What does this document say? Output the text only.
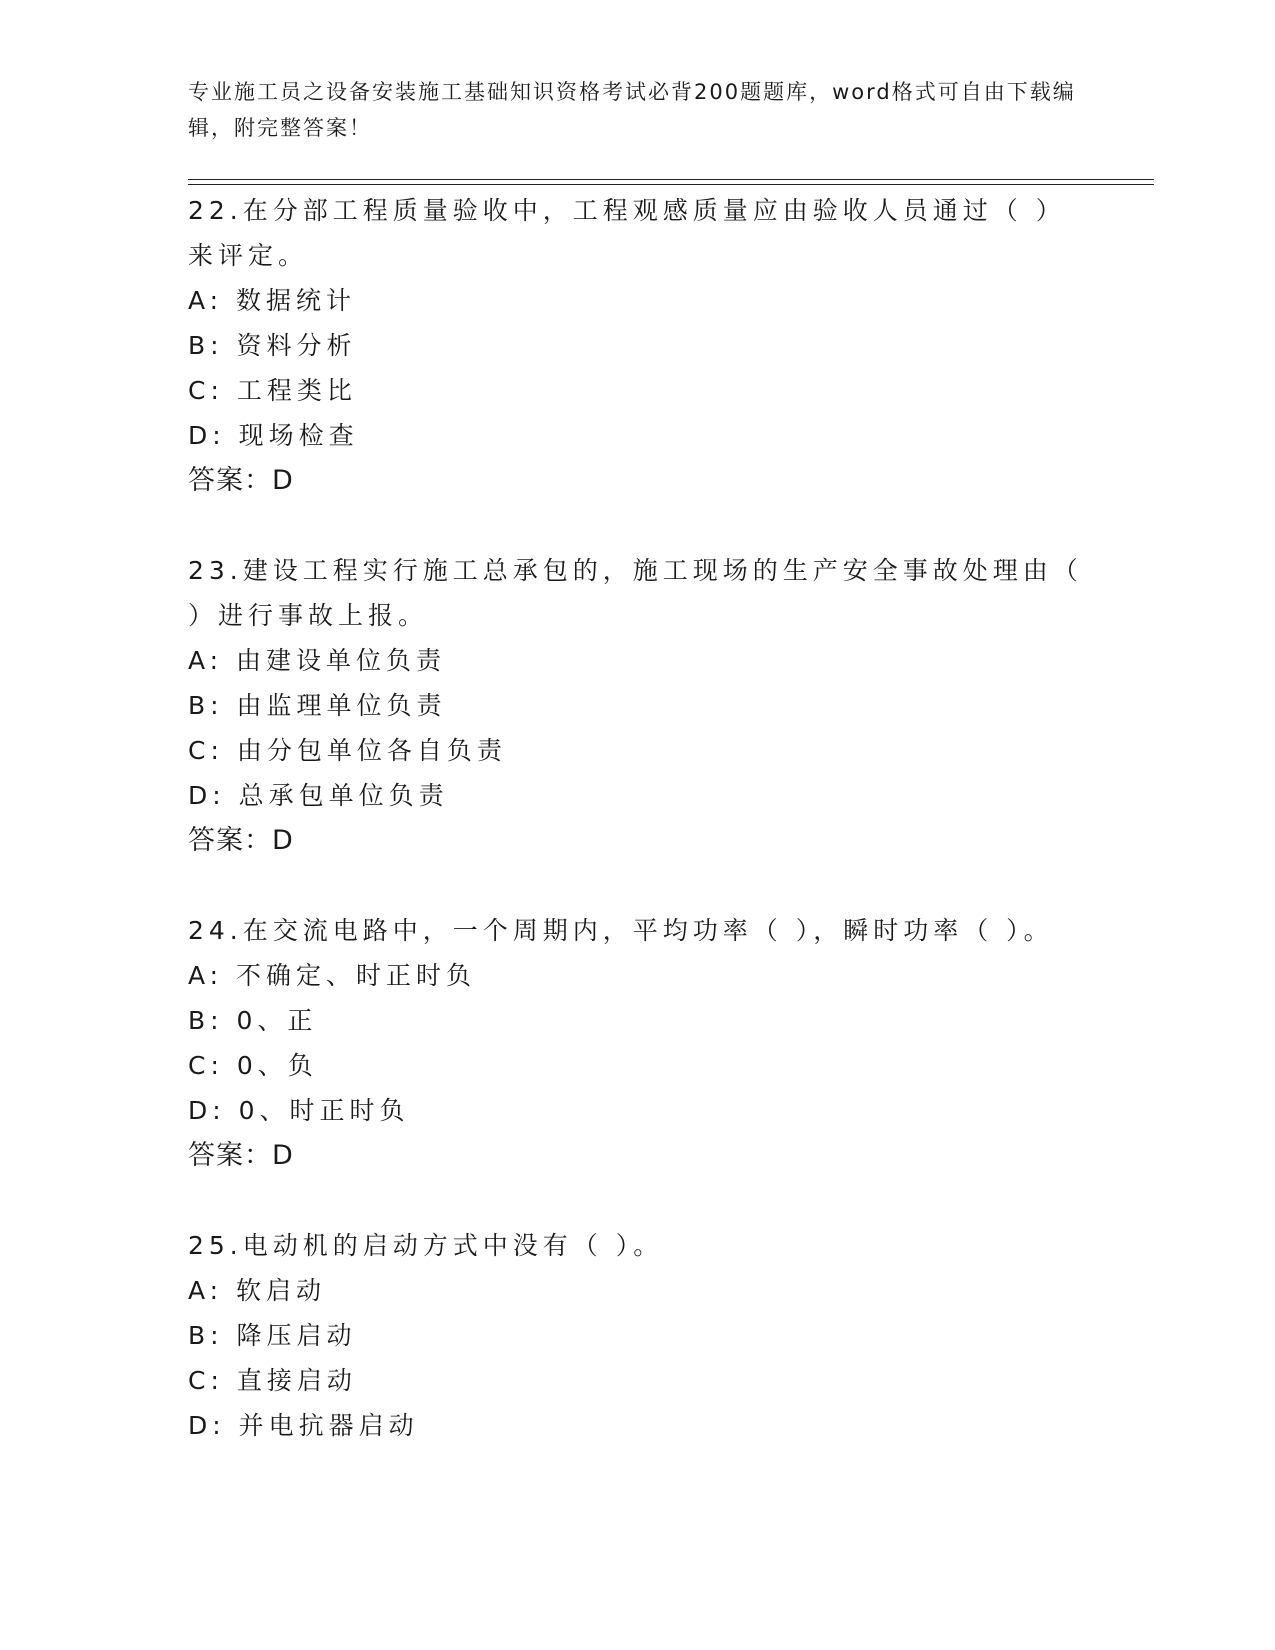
专业施工员之设备安装施工基础知识资格考试必背200题题库，word格式可自由下载编辑，附完整答案！
22.在分部工程质量验收中，工程观感质量应由验收人员通过（ ）来评定。
A: 数据统计
B: 资料分析
C: 工程类比
D: 现场检查
答案：D
23.建设工程实行施工总承包的，施工现场的生产安全事故处理由（ ）进行事故上报。
A: 由建设单位负责
B: 由监理单位负责
C: 由分包单位各自负责
D: 总承包单位负责
答案：D
24.在交流电路中，一个周期内，平均功率（ ），瞬时功率（ ）。
A: 不确定、时正时负
B: 0、正
C: 0、负
D: 0、时正时负
答案：D
25.电动机的启动方式中没有（ ）。
A: 软启动
B: 降压启动
C: 直接启动
D: 并电抗器启动
